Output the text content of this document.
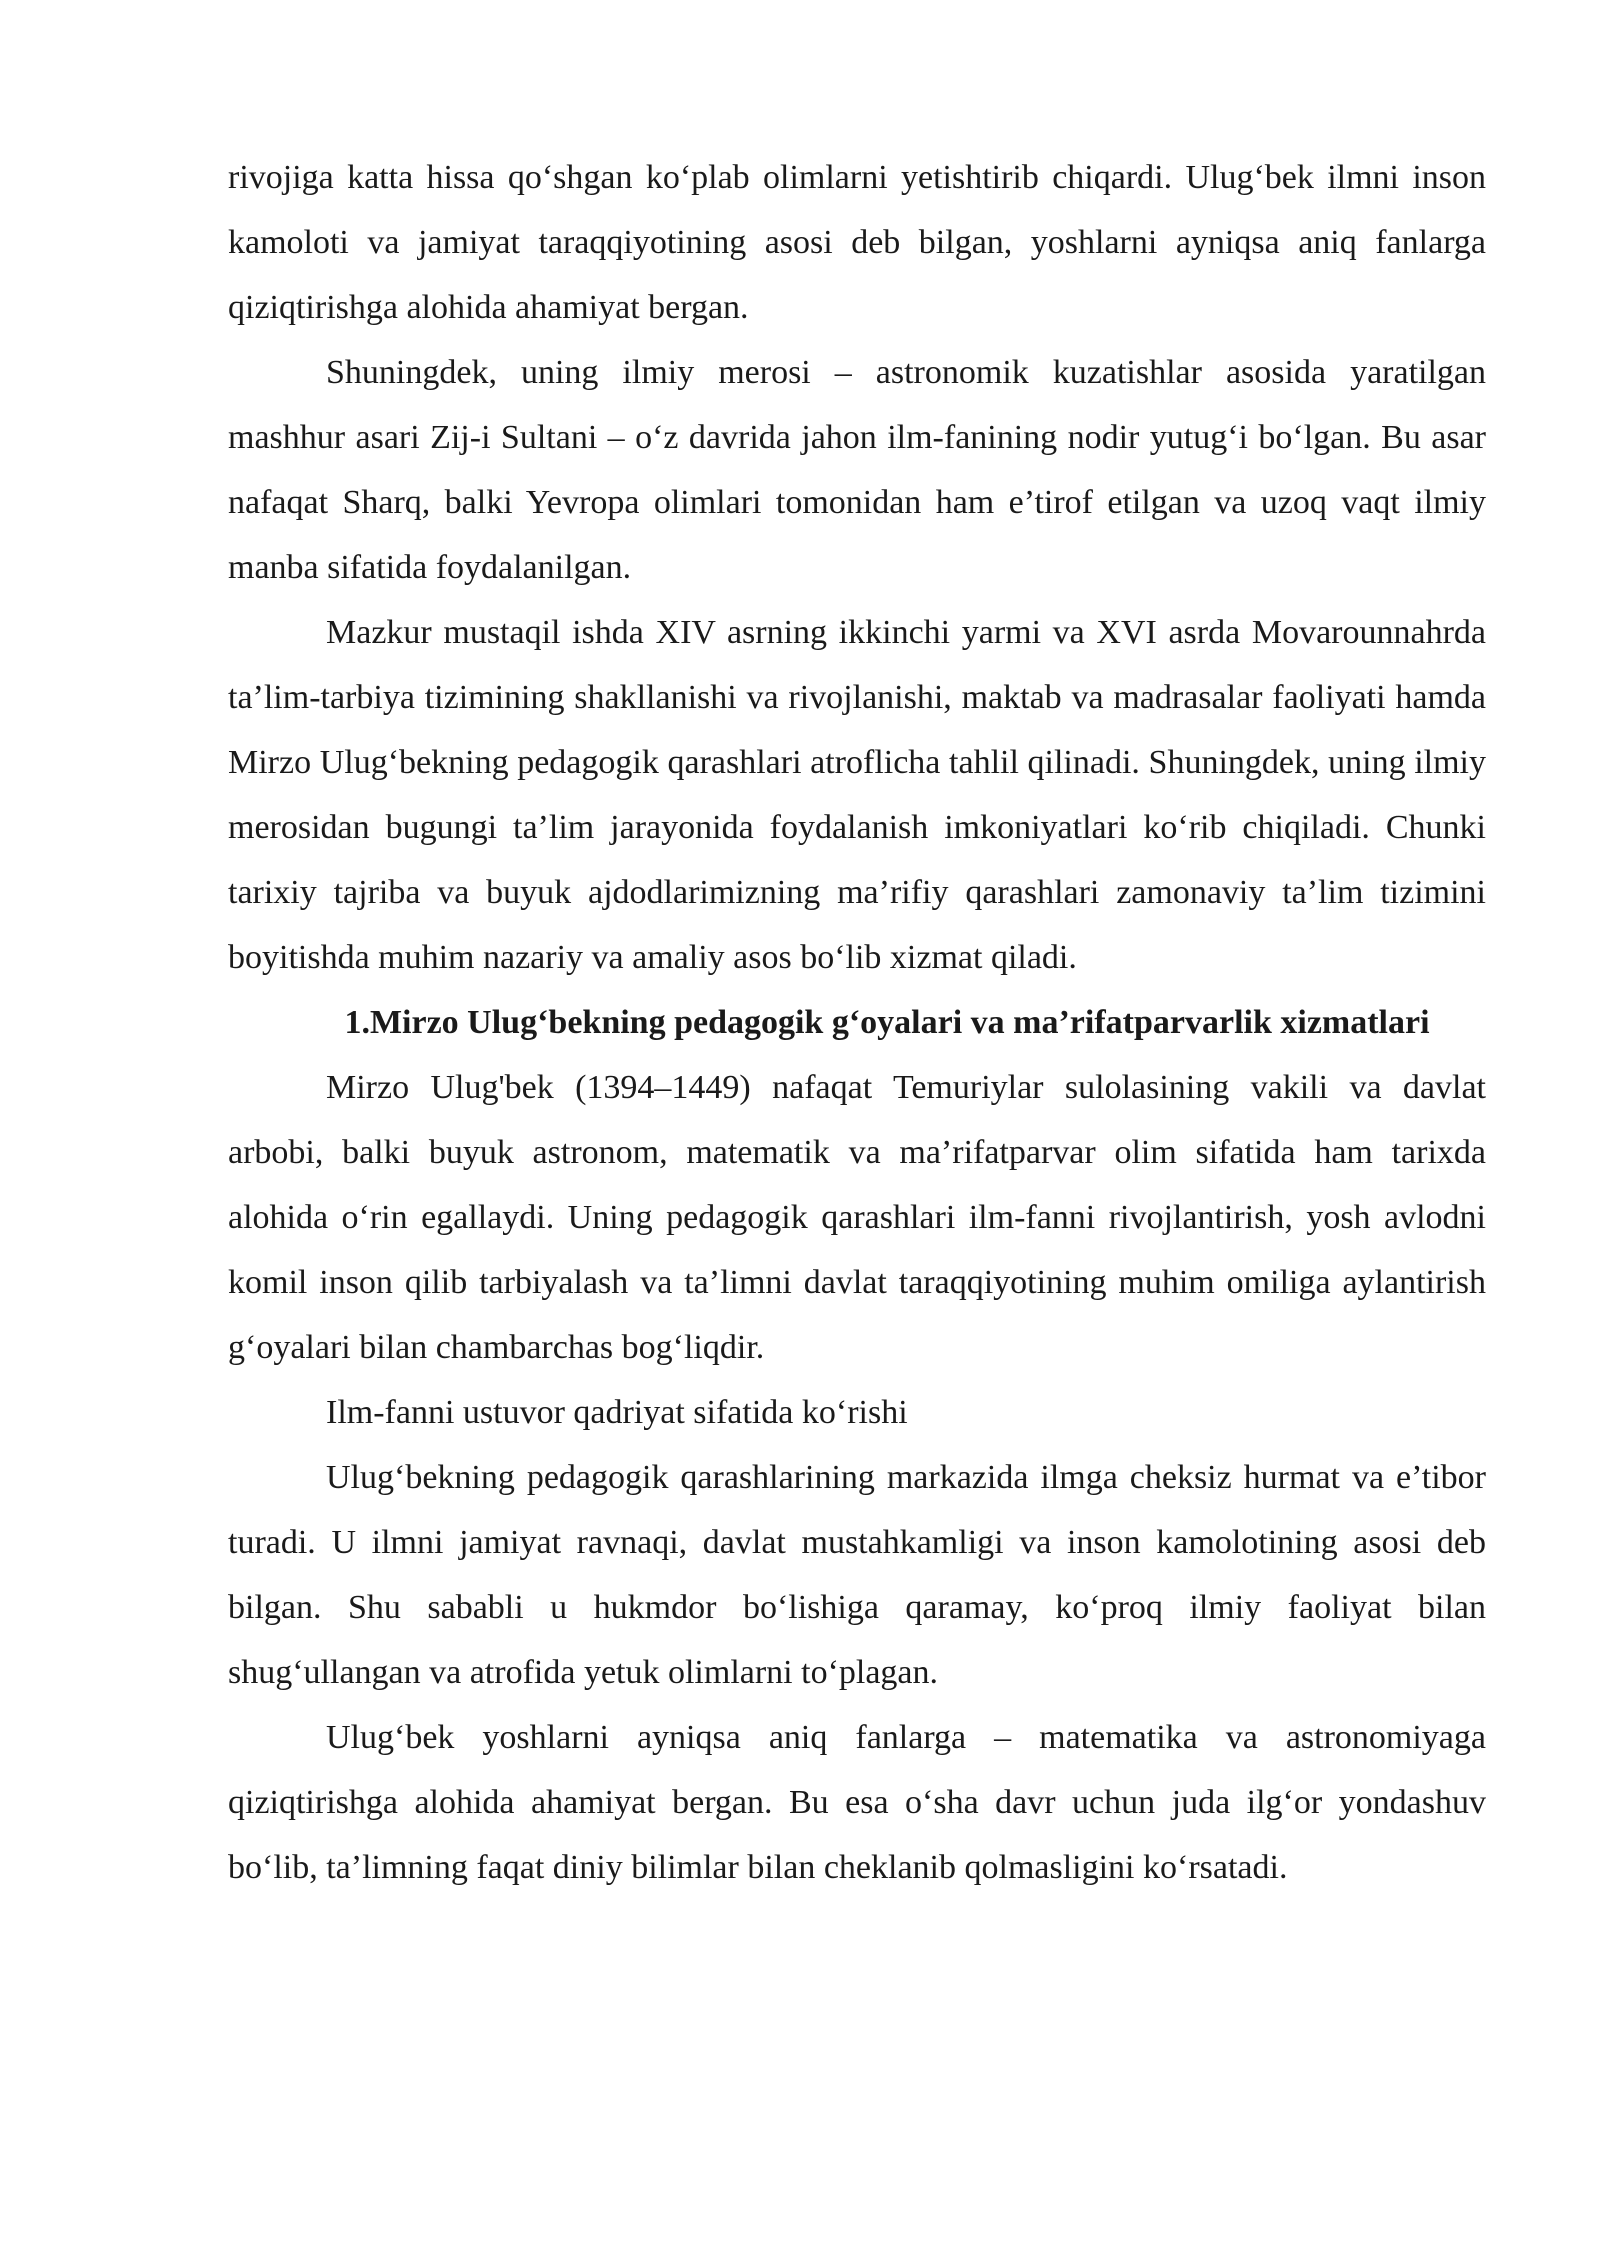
rivojiga katta hissa qo‘shgan ko‘plab olimlarni yetishtirib chiqardi. Ulug‘bek ilmni inson kamoloti va jamiyat taraqqiyotining asosi deb bilgan, yoshlarni ayniqsa aniq fanlarga qiziqtirishga alohida ahamiyat bergan.

Shuningdek, uning ilmiy merosi – astronomik kuzatishlar asosida yaratilgan mashhur asari Zij-i Sultani – o‘z davrida jahon ilm-fanining nodir yutug‘i bo‘lgan. Bu asar nafaqat Sharq, balki Yevropa olimlari tomonidan ham e’tirof etilgan va uzoq vaqt ilmiy manba sifatida foydalanilgan.

Mazkur mustaqil ishda XIV asrning ikkinchi yarmi va XVI asrda Movarounnahrda ta’lim-tarbiya tizimining shakllanishi va rivojlanishi, maktab va madrasalar faoliyati hamda Mirzo Ulug‘bekning pedagogik qarashlari atroflicha tahlil qilinadi. Shuningdek, uning ilmiy merosidan bugungi ta’lim jarayonida foydalanish imkoniyatlari ko‘rib chiqiladi. Chunki tarixiy tajriba va buyuk ajdodlarimizning ma’rifiy qarashlari zamonaviy ta’lim tizimini boyitishda muhim nazariy va amaliy asos bo‘lib xizmat qiladi.

1.Mirzo Ulug‘bekning pedagogik g‘oyalari va ma’rifatparvarlik xizmatlari

Mirzo Ulug'bek (1394–1449) nafaqat Temuriylar sulolasining vakili va davlat arbobi, balki buyuk astronom, matematik va ma’rifatparvar olim sifatida ham tarixda alohida o‘rin egallaydi. Uning pedagogik qarashlari ilm-fanni rivojlantirish, yosh avlodni komil inson qilib tarbiyalash va ta’limni davlat taraqqiyotining muhim omiliga aylantirish g‘oyalari bilan chambarchas bog‘liqdir.

Ilm-fanni ustuvor qadriyat sifatida ko‘rishi

Ulug‘bekning pedagogik qarashlarining markazida ilmga cheksiz hurmat va e’tibor turadi. U ilmni jamiyat ravnaqi, davlat mustahkamligi va inson kamolotining asosi deb bilgan. Shu sababli u hukmdor bo‘lishiga qaramay, ko‘proq ilmiy faoliyat bilan shug‘ullangan va atrofida yetuk olimlarni to‘plagan.

Ulug‘bek yoshlarni ayniqsa aniq fanlarga – matematika va astronomiyaga qiziqtirishga alohida ahamiyat bergan. Bu esa o‘sha davr uchun juda ilg‘or yondashuv bo‘lib, ta’limning faqat diniy bilimlar bilan cheklanib qolmasligini ko‘rsatadi.
